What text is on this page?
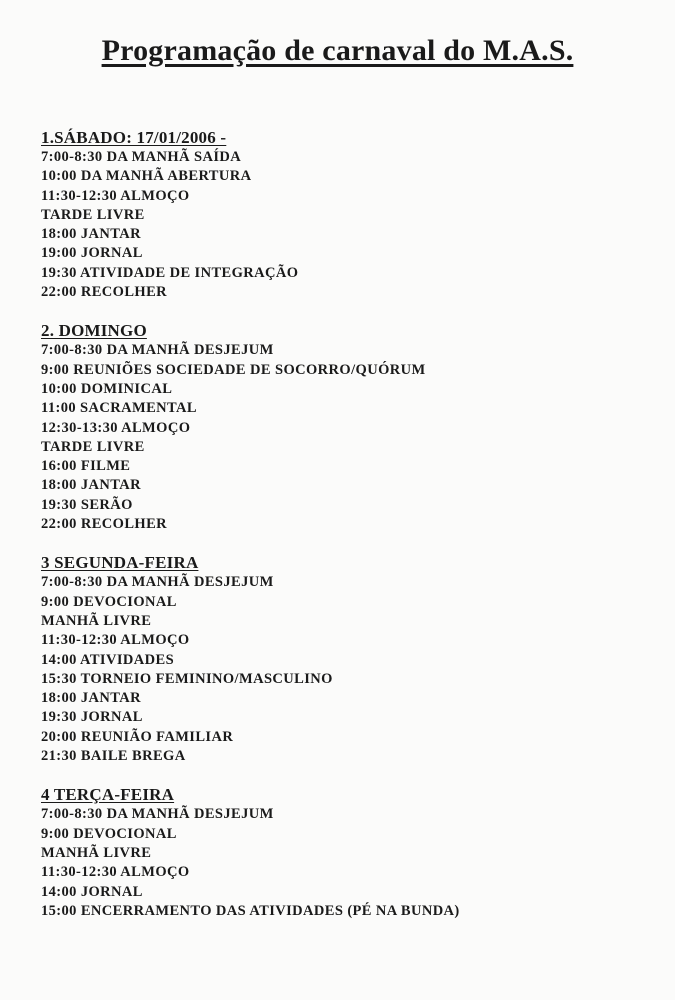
Programação de carnaval do M.A.S.
1.SÁBADO: 17/01/2006 -
7:00-8:30 DA MANHÃ SAÍDA
10:00 DA MANHÃ ABERTURA
11:30-12:30 ALMOÇO
TARDE LIVRE
18:00 JANTAR
19:00 JORNAL
19:30 ATIVIDADE DE INTEGRAÇÃO
22:00 RECOLHER
2. DOMINGO
7:00-8:30 DA MANHÃ DESJEJUM
9:00 REUNIÕES SOCIEDADE DE SOCORRO/QUÓRUM
10:00 DOMINICAL
11:00 SACRAMENTAL
12:30-13:30 ALMOÇO
TARDE LIVRE
16:00 FILME
18:00 JANTAR
19:30 SERÃO
22:00 RECOLHER
3 SEGUNDA-FEIRA
7:00-8:30 DA MANHÃ DESJEJUM
9:00 DEVOCIONAL
MANHÃ LIVRE
11:30-12:30 ALMOÇO
14:00 ATIVIDADES
15:30 TORNEIO FEMININO/MASCULINO
18:00 JANTAR
19:30 JORNAL
20:00 REUNIÃO FAMILIAR
21:30 BAILE BREGA
4 TERÇA-FEIRA
7:00-8:30 DA MANHÃ DESJEJUM
9:00 DEVOCIONAL
MANHÃ LIVRE
11:30-12:30 ALMOÇO
14:00 JORNAL
15:00 ENCERRAMENTO DAS ATIVIDADES (PÉ NA BUNDA)
